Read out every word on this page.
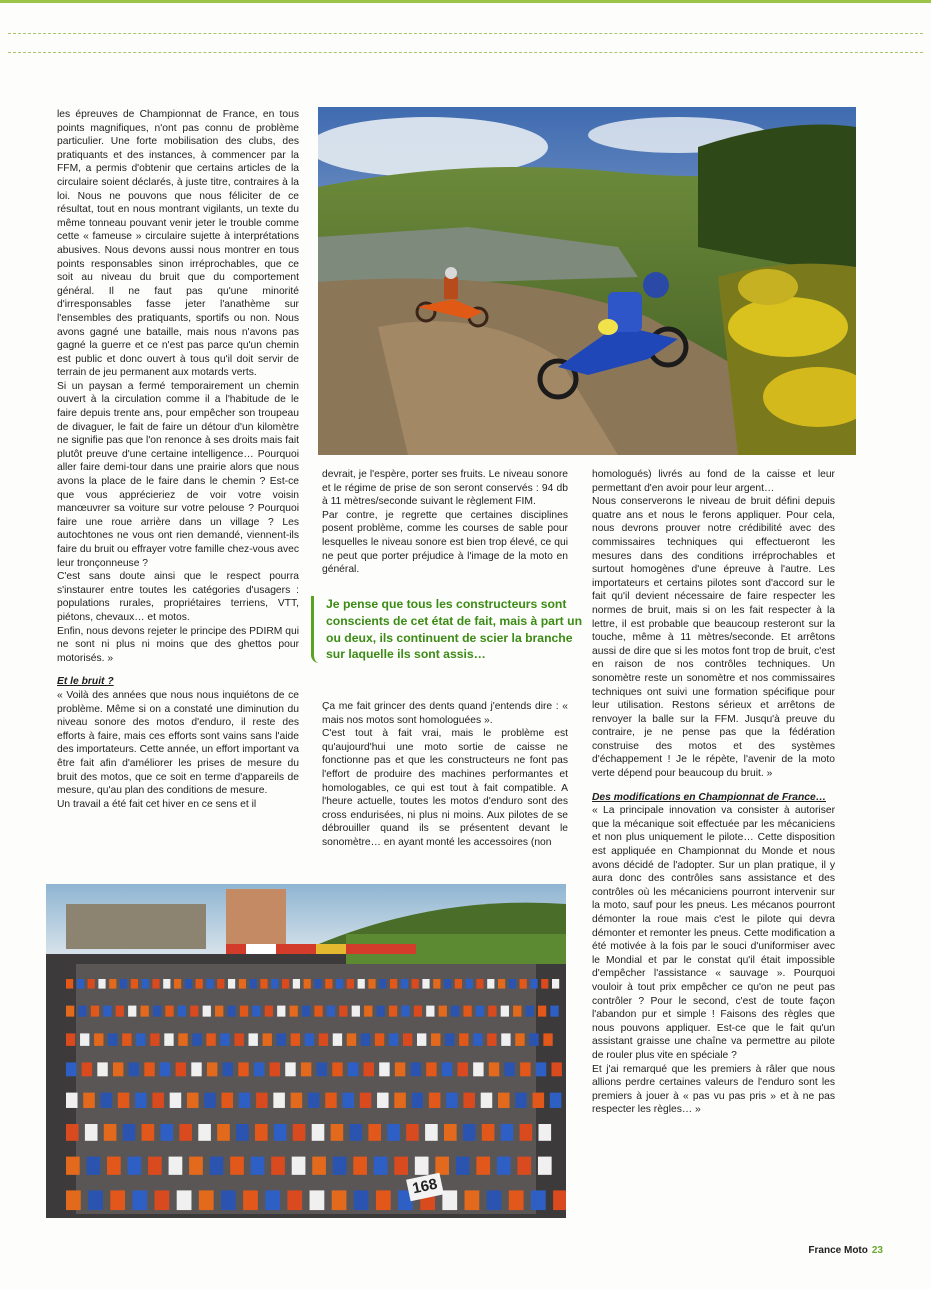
les épreuves de Championnat de France, en tous points magnifiques, n'ont pas connu de problème particulier. Une forte mobilisation des clubs, des pratiquants et des instances, à commencer par la FFM, a permis d'obtenir que certains articles de la circulaire soient déclarés, à juste titre, contraires à la loi. Nous ne pouvons que nous féliciter de ce résultat, tout en nous montrant vigilants, un texte du même tonneau pouvant venir jeter le trouble comme cette « fameuse » circulaire sujette à interprétations abusives. Nous devons aussi nous montrer en tous points responsables sinon irréprochables, que ce soit au niveau du bruit que du comportement général. Il ne faut pas qu'une minorité d'irresponsables fasse jeter l'anathème sur l'ensembles des pratiquants, sportifs ou non. Nous avons gagné une bataille, mais nous n'avons pas gagné la guerre et ce n'est pas parce qu'un chemin est public et donc ouvert à tous qu'il doit servir de terrain de jeu permanent aux motards verts.

Si un paysan a fermé temporairement un chemin ouvert à la circulation comme il a l'habitude de le faire depuis trente ans, pour empêcher son troupeau de divaguer, le fait de faire un détour d'un kilomètre ne signifie pas que l'on renonce à ses droits mais fait plutôt preuve d'une certaine intelligence… Pourquoi aller faire demi-tour dans une prairie alors que nous avons la place de le faire dans le chemin ? Est-ce que vous apprécieriez de voir votre voisin manœuvrer sa voiture sur votre pelouse ? Pourquoi faire une roue arrière dans un village ? Les autochtones ne vous ont rien demandé, viennent-ils faire du bruit ou effrayer votre famille chez-vous avec leur tronçonneuse ?

C'est sans doute ainsi que le respect pourra s'instaurer entre toutes les catégories d'usagers : populations rurales, propriétaires terriens, VTT, piétons, chevaux… et motos.

Enfin, nous devons rejeter le principe des PDIRM qui ne sont ni plus ni moins que des ghettos pour motorisés. »

Et le bruit ?

« Voilà des années que nous nous inquiétons de ce problème. Même si on a constaté une diminution du niveau sonore des motos d'enduro, il reste des efforts à faire, mais ces efforts sont vains sans l'aide des importateurs. Cette année, un effort important va être fait afin d'améliorer les prises de mesure du bruit des motos, que ce soit en terme d'appareils de mesure, qu'au plan des conditions de mesure.

Un travail a été fait cet hiver en ce sens et il

devrait, je l'espère, porter ses fruits. Le niveau sonore et le régime de prise de son seront conservés : 94 db à 11 mètres/seconde suivant le règlement FIM.

Par contre, je regrette que certaines disciplines posent problème, comme les courses de sable pour lesquelles le niveau sonore est bien trop élevé, ce qui ne peut que porter préjudice à l'image de la moto en général.

Je pense que tous les constructeurs sont conscients de cet état de fait, mais à part un ou deux, ils continuent de scier la branche sur laquelle ils sont assis…

Ça me fait grincer des dents quand j'entends dire : « mais nos motos sont homologuées ».

C'est tout à fait vrai, mais le problème est qu'aujourd'hui une moto sortie de caisse ne fonctionne pas et que les constructeurs ne font pas l'effort de produire des machines performantes et homologables, ce qui est tout à fait compatible. A l'heure actuelle, toutes les motos d'enduro sont des cross endurisées, ni plus ni moins. Aux pilotes de se débrouiller quand ils se présentent devant le sonomètre… en ayant monté les accessoires (non

homologués) livrés au fond de la caisse et leur permettant d'en avoir pour leur argent…

Nous conserverons le niveau de bruit défini depuis quatre ans et nous le ferons appliquer. Pour cela, nous devrons prouver notre crédibilité avec des commissaires techniques qui effectueront les mesures dans des conditions irréprochables et surtout homogènes d'une épreuve à l'autre. Les importateurs et certains pilotes sont d'accord sur le fait qu'il devient nécessaire de faire respecter les normes de bruit, mais si on les fait respecter à la lettre, il est probable que beaucoup resteront sur la touche, même à 11 mètres/seconde. Et arrêtons aussi de dire que si les motos font trop de bruit, c'est en raison de nos contrôles techniques. Un sonomètre reste un sonomètre et nos commissaires techniques ont suivi une formation spécifique pour leur utilisation. Restons sérieux et arrêtons de renvoyer la balle sur la FFM. Jusqu'à preuve du contraire, je ne pense pas que la fédération construise des motos et des systèmes d'échappement ! Je le répète, l'avenir de la moto verte dépend pour beaucoup du bruit. »

Des modifications en Championnat de France…

« La principale innovation va consister à autoriser que la mécanique soit effectuée par les mécaniciens et non plus uniquement le pilote… Cette disposition est appliquée en Championnat du Monde et nous avons décidé de l'adopter. Sur un plan pratique, il y aura donc des contrôles sans assistance et des contrôles où les mécaniciens pourront intervenir sur la moto, sauf pour les pneus. Les mécanos pourront démonter la roue mais c'est le pilote qui devra démonter et remonter les pneus. Cette modification a été motivée à la fois par le souci d'uniformiser avec le Mondial et par le constat qu'il était impossible d'empêcher l'assistance « sauvage ». Pourquoi vouloir à tout prix empêcher ce qu'on ne peut pas contrôler ? Pour le second, c'est de toute façon l'abandon pur et simple ! Faisons des règles que nous pouvons appliquer. Est-ce que le fait qu'un assistant graisse une chaîne va permettre au pilote de rouler plus vite en spéciale ?

Et j'ai remarqué que les premiers à râler que nous allions perdre certaines valeurs de l'enduro sont les premiers à jouer à « pas vu pas pris » et à ne pas respecter les règles… »

168
France Moto 23
